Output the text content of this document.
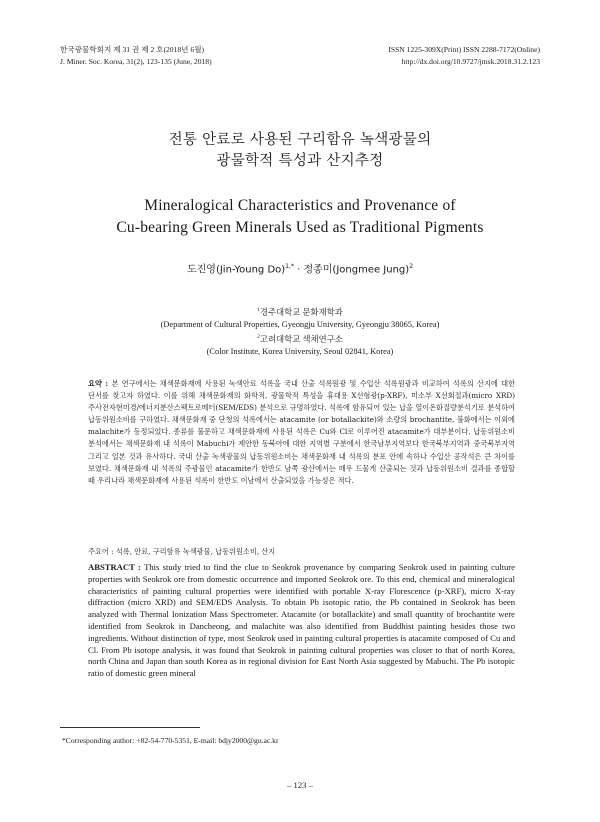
한국광물학회지 제 31 권 제 2 호(2018년 6월)	ISSN 1225-309X(Print) ISSN 2288-7172(Online)
J. Miner. Soc. Korea, 31(2), 123-135 (June, 2018)	http://dx.doi.org/10.9727/jmsk.2018.31.2.123
전통 안료로 사용된 구리함유 녹색광물의
광물학적 특성과 산지추정
Mineralogical Characteristics and Provenance of
Cu-bearing Green Minerals Used as Traditional Pigments
도진영(Jin-Young Do)$^{1,*}$ · 정종미(Jongmee Jung)$^2$
$^1$경주대학교 문화재학과
(Department of Cultural Properties, Gyeongju University, Gyeongju 38065, Korea)
$^2$고려대학교 색채연구소
(Color Institute, Korea University, Seoul 02841, Korea)
요약 : 본 연구에서는 채색문화재에 사용된 녹색안료 석록을 국내 산출 석록원광 및 수입산 석록원광과 비교하여 석록의 산지에 대한 단서를 찾고자 하였다. 이를 위해 채색문화재의 화학적, 광물학적 특성을 휴대용 X선형광(p-XRF), 미소부 X선회절과(micro XRD) 주사전자현미경/에너지분산스펙트로메터(SEM/EDS) 분석으로 규명하였다. 석록에 함유되어 있는 납을 열이온화질량분석기로 분석하여 납동위원소비를 구하였다. 채색문화재 중 단청의 석록에서는 atacamite (or botallackite)와 소량의 brochantite, 불화에서는 이외에 malachite가 동정되었다. 종류를 불문하고 채색문화재에 사용된 석록은 Cu와 Cl로 이루어진 atacamite가 대부분이다. 납동위원소비 분석에서는 채색문화재 내 석록이 Mabuchi가 제안한 동북아에 대한 지역별 구분에서 한국남부지역보다 한국북부지역과 중국북부지역 그리고 일본 것과 유사하다. 국내 산출 녹색광물의 납동위원소비는 채색문화재 내 석록의 분포 안에 속하나 수입산 공작석은 큰 차이를 보였다. 채색문화재 내 석록의 주광물인 atacamite가 한반도 남쪽 광산에서는 매우 드물게 산출되는 것과 납동위원소비 결과를 종합할 때 우리나라 채색문화재에 사용된 석록이 한반도 이남에서 산출되었을 가능성은 적다.
주요어 : 석록, 안료, 구리함유 녹색광물, 납동위원소비, 산지
ABSTRACT : This study tried to find the clue to Seokrok provenance by comparing Seokrok used in painting culture properties with Seokrok ore from domestic occurrence and imported Seokrok ore. To this end, chemical and mineralogical characteristics of painting cultural properties were identified with portable X-ray Florescence (p-XRF), micro X-ray diffraction (micro XRD) and SEM/EDS Analysis. To obtain Pb isotopic ratio, the Pb contained in Seokrok has been analyzed with Thermal Ionization Mass Spectrometer. Atacamite (or botallackite) and small quantity of brochantite were identified from Seokrok in Dancheong, and malachite was also identified from Buddhist painting besides those two ingredients. Without distinction of type, most Seokrok used in painting cultural properties is atacamite composed of Cu and Cl. From Pb isotope analysis, it was found that Seokrok in painting cultural properties was closer to that of north Korea, north China and Japan than south Korea as in regional division for East North Asia suggested by Mabuchi. The Pb isotopic ratio of domestic green mineral
*Corresponding author: +82-54-770-5351, E-mail: bdjy2000@gu.ac.kr
– 123 –
